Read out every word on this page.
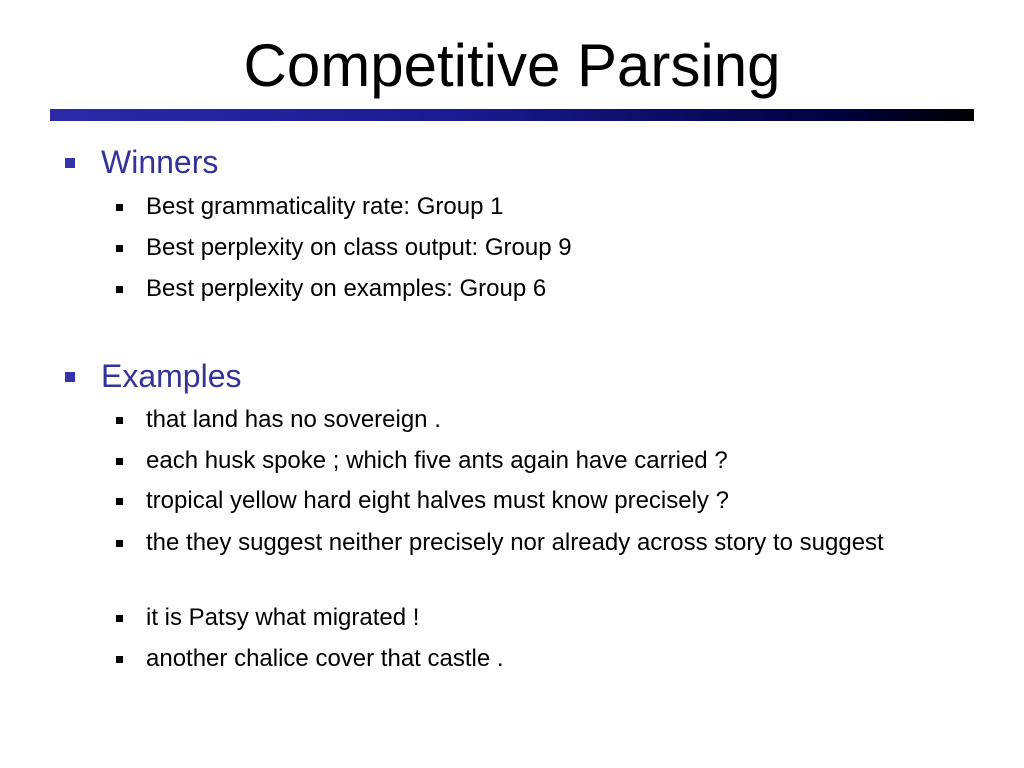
Competitive Parsing
Winners
Best grammaticality rate: Group 1
Best perplexity on class output: Group 9
Best perplexity on examples: Group 6
Examples
that land has no sovereign .
each husk spoke ; which five ants again have carried ?
tropical yellow hard eight halves must know precisely ?
the they suggest neither precisely nor already across story to suggest
it is Patsy what migrated !
another chalice cover that castle .
